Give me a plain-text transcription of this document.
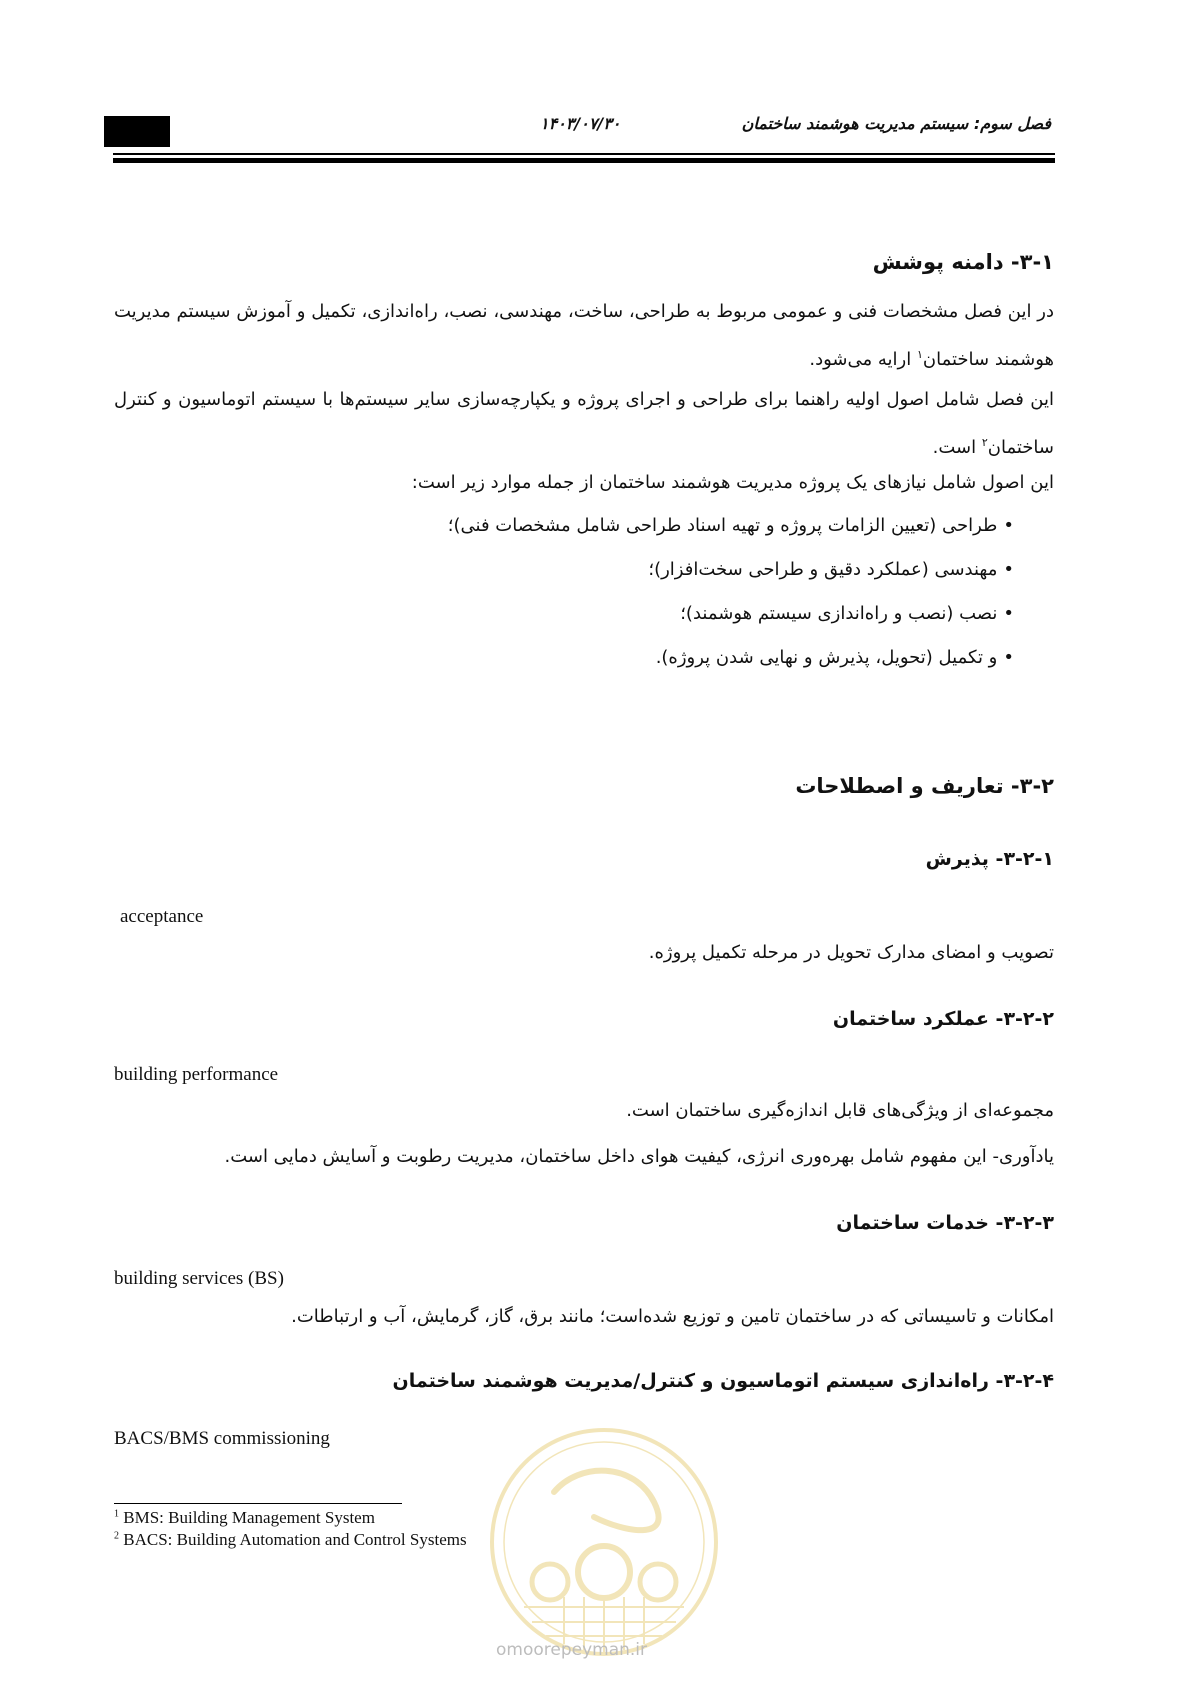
۱۴۰۳/۰۷/۳۰	فصل سوم: سیستم مدیریت هوشمند ساختمان
۳-۱- دامنه پوشش
در این فصل مشخصات فنی و عمومی مربوط به طراحی، ساخت، مهندسی، نصب، راه‌اندازی، تکمیل و آموزش سیستم مدیریت هوشمند ساختمان$^۱$ ارایه می‌شود.
این فصل شامل اصول اولیه راهنما برای طراحی و اجرای پروژه و یکپارچه‌سازی سایر سیستم‌ها با سیستم اتوماسیون و کنترل ساختمان$^۲$ است.
این اصول شامل نیازهای یک پروژه مدیریت هوشمند ساختمان از جمله موارد زیر است:
•طراحی (تعیین الزامات پروژه و تهیه اسناد طراحی شامل مشخصات فنی)؛
•مهندسی (عملکرد دقیق و طراحی سخت‌افزار)؛
•نصب (نصب و راه‌اندازی سیستم هوشمند)؛
•و تکمیل (تحویل، پذیرش و نهایی شدن پروژه).
۳-۲- تعاریف و اصطلاحات
۳-۲-۱- پذیرش
acceptance
تصویب و امضای مدارک تحویل در مرحله تکمیل پروژه.
۳-۲-۲- عملکرد ساختمان
building performance
مجموعه‌ای از ویژگی‌های قابل اندازه‌گیری ساختمان است.
یادآوری- این مفهوم شامل بهره‌وری انرژی، کیفیت هوای داخل ساختمان، مدیریت رطوبت و آسایش دمایی است.
۳-۲-۳- خدمات ساختمان
building services (BS)
امکانات و تاسیساتی که در ساختمان تامین و توزیع شده‌است؛ مانند برق، گاز، گرمایش، آب و ارتباطات.
۳-۲-۴- راه‌اندازی سیستم اتوماسیون و کنترل/مدیریت هوشمند ساختمان
BACS/BMS commissioning
omoorepeyman.ir
$^1$ BMS: Building Management System
$^2$ BACS: Building Automation and Control Systems
